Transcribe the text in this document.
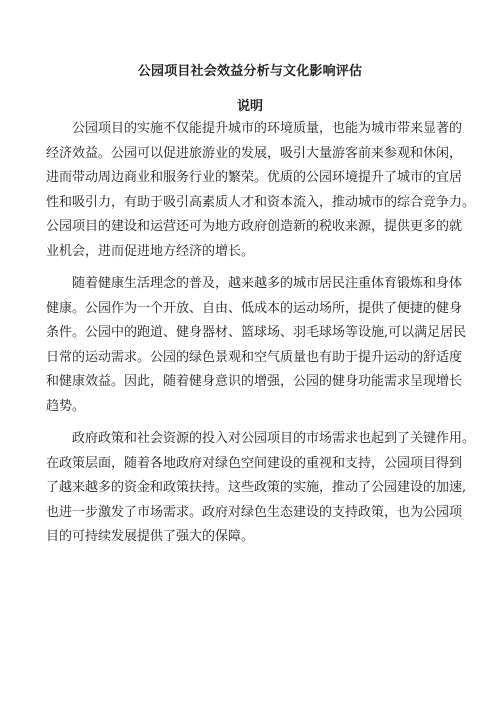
公园项目社会效益分析与文化影响评估
说明
公园项目的实施不仅能提升城市的环境质量，也能为城市带来显著的
经济效益。公园可以促进旅游业的发展，吸引大量游客前来参观和休闲，
进而带动周边商业和服务行业的繁荣。优质的公园环境提升了城市的宜居
性和吸引力，有助于吸引高素质人才和资本流入，推动城市的综合竞争力。
公园项目的建设和运营还可为地方政府创造新的税收来源，提供更多的就
业机会，进而促进地方经济的增长。
随着健康生活理念的普及，越来越多的城市居民注重体育锻炼和身体
健康。公园作为一个开放、自由、低成本的运动场所，提供了便捷的健身
条件。公园中的跑道、健身器材、篮球场、羽毛球场等设施,可以满足居民
日常的运动需求。公园的绿色景观和空气质量也有助于提升运动的舒适度
和健康效益。因此，随着健身意识的增强，公园的健身功能需求呈现增长
趋势。
政府政策和社会资源的投入对公园项目的市场需求也起到了关键作用。
在政策层面，随着各地政府对绿色空间建设的重视和支持，公园项目得到
了越来越多的资金和政策扶持。这些政策的实施，推动了公园建设的加速,
也进一步激发了市场需求。政府对绿色生态建设的支持政策，也为公园项
目的可持续发展提供了强大的保障。
